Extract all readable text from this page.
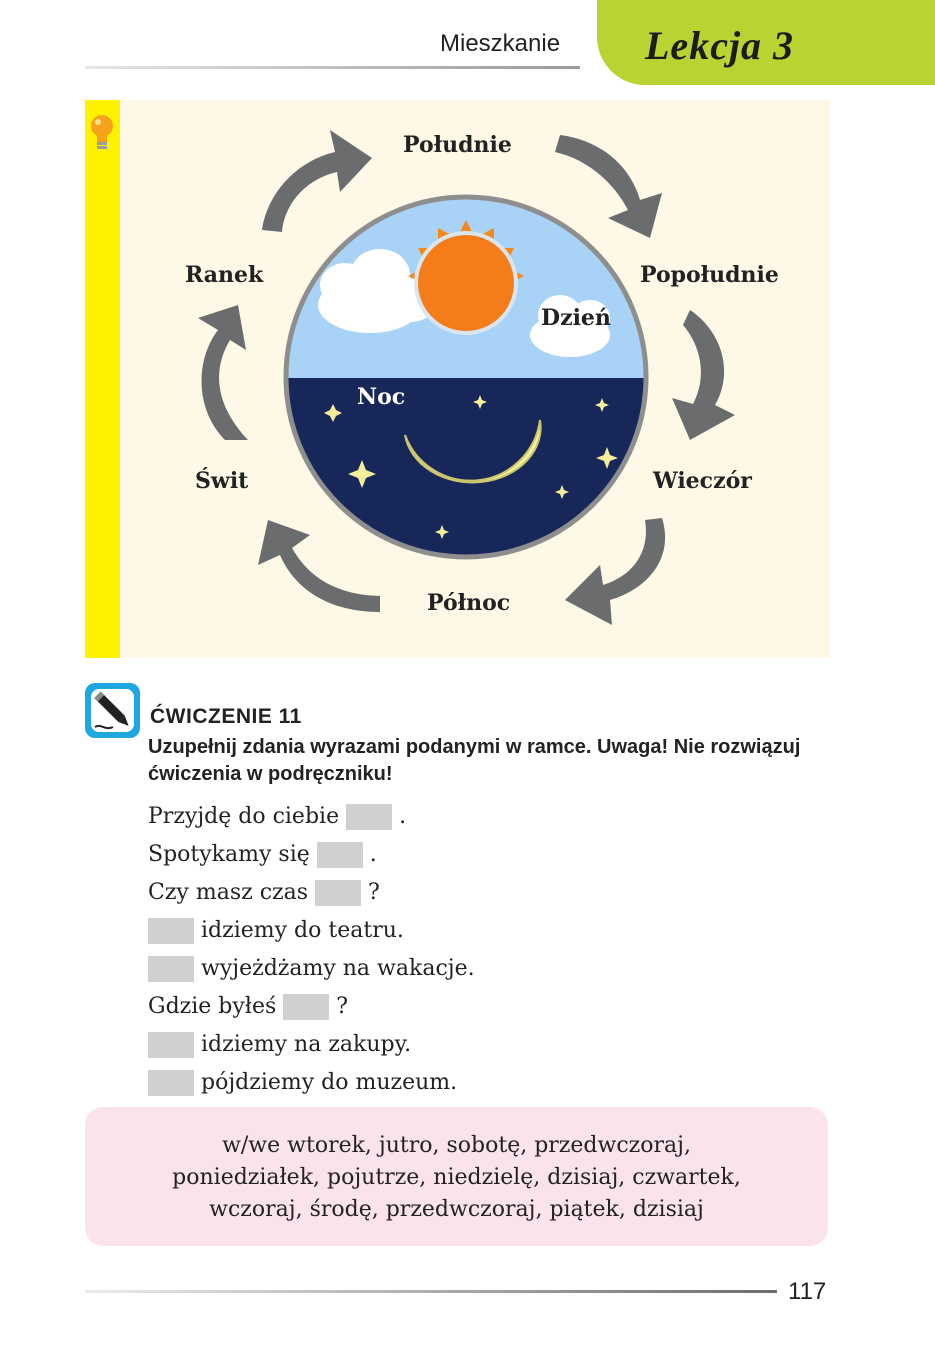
Mieszkanie Lekcja 3
Południe
Popołudnie
Wieczór
Północ
Świt
Ranek
Dzień
Noc
ĆWICZENIE 11
Uzupełnij zdania wyrazami podanymi w ramce. Uwaga! Nie rozwiązuj ćwiczenia w podręczniku!
Przyjdę do ciebie	.
Spotykamy się	.
Czy masz czas	?
idziemy do teatru.
wyjeżdżamy na wakacje.
Gdzie byłeś	?
idziemy na zakupy.
pójdziemy do muzeum.
w/we wtorek, jutro, sobotę, przedwczoraj,
poniedziałek, pojutrze, niedzielę, dzisiaj, czwartek,
wczoraj, środę, przedwczoraj, piątek, dzisiaj
117
